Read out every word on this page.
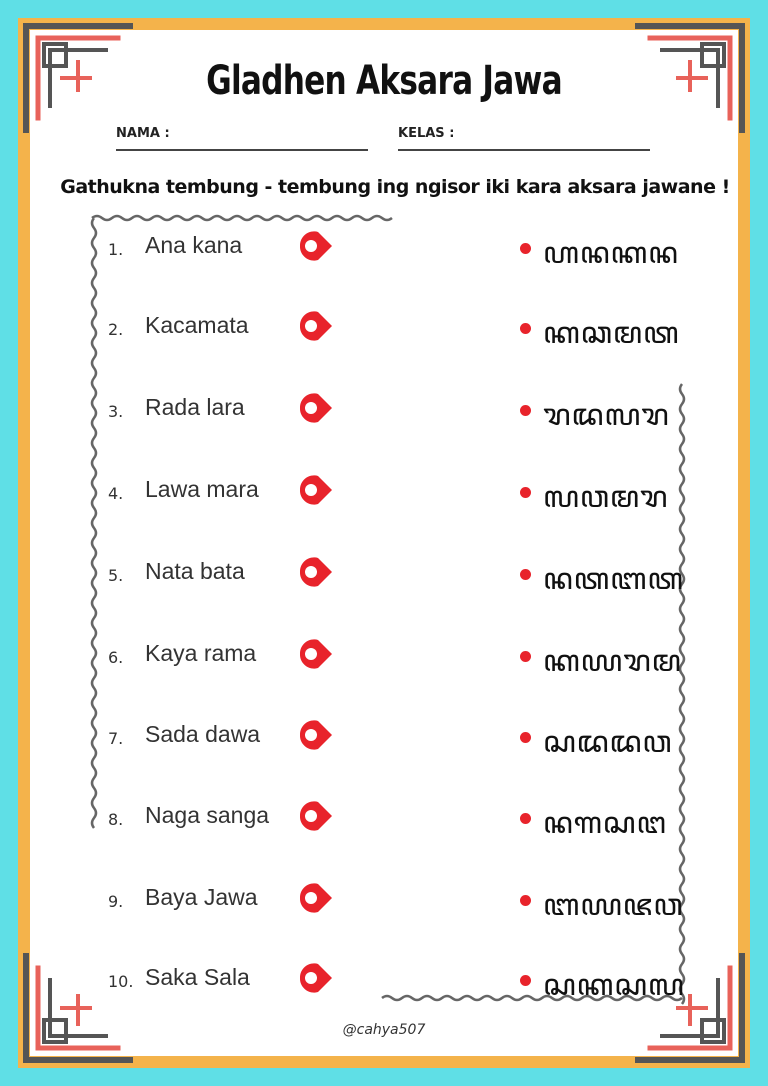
Gladhen Aksara Jawa
NAMA :	KELAS :
Gathukna tembung - tembung ing ngisor iki kara aksara jawane !
1. Ana kana	ꦲꦤꦏꦤ
2. Kacamata	ꦏꦕꦩꦠ
3. Rada lara	ꦫꦢꦭꦫ
4. Lawa mara	ꦭꦮꦩꦫ
5. Nata bata	ꦤꦠꦧꦠ
6. Kaya rama	ꦏꦪꦫꦩ
7. Sada dawa	ꦱꦢꦢꦮ
8. Naga sanga	ꦤꦒꦱꦔ
9. Baya Jawa	ꦧꦪꦗꦮ
10. Saka Sala	ꦱꦏꦱꦭ
@cahya507
